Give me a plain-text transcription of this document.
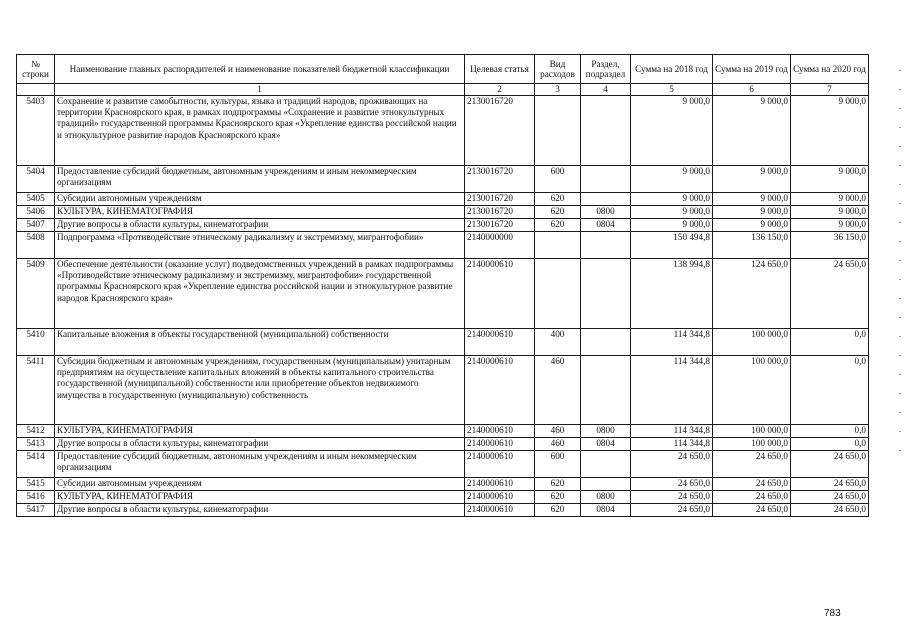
№ строки	Наименование главных распорядителей и наименование показателей бюджетной классификации	Целевая статья	Вид расходов	Раздел, подраздел	Сумма на 2018 год	Сумма на 2019 год	Сумма на 2020 год
	1	2	3	4	5	6	7
5403	Сохранение и развитие самобытности, культуры, языка и традиций народов, проживающих на территории Красноярского края, в рамках подпрограммы «Сохранение и развитие этнокультурных традиций» государственной программы Красноярского края «Укрепление единства российской нации и этнокультурное развитие народов Красноярского края»	2130016720			9 000,0	9 000,0	9 000,0
5404	Предоставление субсидий бюджетным, автономным учреждениям и иным некоммерческим организациям	2130016720	600		9 000,0	9 000,0	9 000,0
5405	Субсидии автономным учреждениям	2130016720	620		9 000,0	9 000,0	9 000,0
5406	КУЛЬТУРА, КИНЕМАТОГРАФИЯ	2130016720	620	0800	9 000,0	9 000,0	9 000,0
5407	Другие вопросы в области культуры, кинематографии	2130016720	620	0804	9 000,0	9 000,0	9 000,0
5408	Подпрограмма «Противодействие этническому радикализму и экстремизму, мигрантофобии»	2140000000			150 494,8	136 150,0	36 150,0
5409	Обеспечение деятельности (оказание услуг) подведомственных учреждений в рамках подпрограммы «Противодействие этническому радикализму и экстремизму, мигрантофобии» государственной программы Красноярского края «Укрепление единства российской нации и этнокультурное развитие народов Красноярского края»	2140000610			138 994,8	124 650,0	24 650,0
5410	Капитальные вложения в объекты государственной (муниципальной) собственности	2140000610	400		114 344,8	100 000,0	0,0
5411	Субсидии бюджетным и автономным учреждениям, государственным (муниципальным) унитарным предприятиям на осуществление капитальных вложений в объекты капитального строительства государственной (муниципальной) собственности или приобретение объектов недвижимого имущества в государственную (муниципальную) собственность	2140000610	460		114 344,8	100 000,0	0,0
5412	КУЛЬТУРА, КИНЕМАТОГРАФИЯ	2140000610	460	0800	114 344,8	100 000,0	0,0
5413	Другие вопросы в области культуры, кинематографии	2140000610	460	0804	114 344,8	100 000,0	0,0
5414	Предоставление субсидий бюджетным, автономным учреждениям и иным некоммерческим организациям	2140000610	600		24 650,0	24 650,0	24 650,0
5415	Субсидии автономным учреждениям	2140000610	620		24 650,0	24 650,0	24 650,0
5416	КУЛЬТУРА, КИНЕМАТОГРАФИЯ	2140000610	620	0800	24 650,0	24 650,0	24 650,0
5417	Другие вопросы в области культуры, кинематографии	2140000610	620	0804	24 650,0	24 650,0	24 650,0
783
